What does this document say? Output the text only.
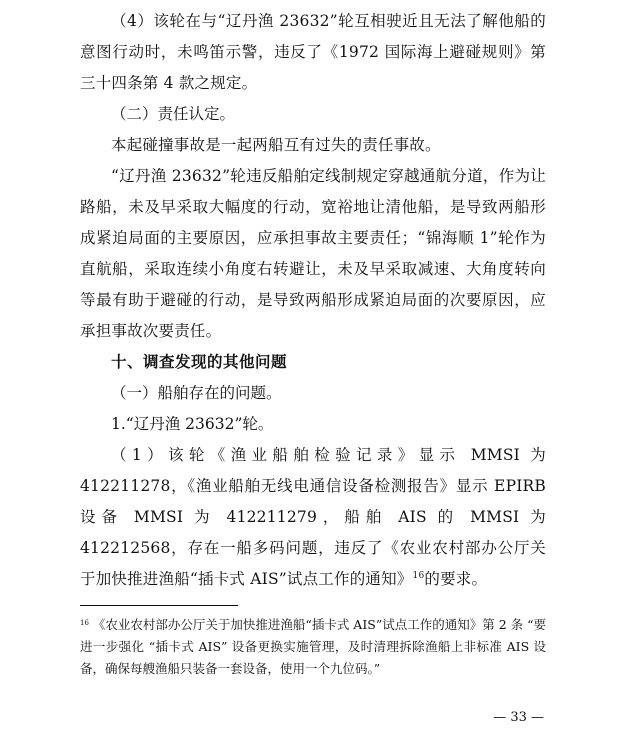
（4）该轮在与“辽丹渔 23632”轮互相驶近且无法了解他船的意图行动时，未鸣笛示警，违反了《1972 国际海上避碰规则》第三十四条第 4 款之规定。

（二）责任认定。

本起碰撞事故是一起两船互有过失的责任事故。

“辽丹渔 23632”轮违反船舶定线制规定穿越通航分道，作为让路船，未及早采取大幅度的行动，宽裕地让清他船，是导致两船形成紧迫局面的主要原因，应承担事故主要责任；“锦海顺 1”轮作为直航船，采取连续小角度右转避让，未及早采取减速、大角度转向等最有助于避碰的行动，是导致两船形成紧迫局面的次要原因，应承担事故次要责任。

十、调查发现的其他问题

（一）船舶存在的问题。

1.“辽丹渔 23632”轮。

（1）该轮《渔业船舶检验记录》显示 MMSI 为 412211278，《渔业船舶无线电通信设备检测报告》显示 EPIRB 设备 MMSI 为 412211279，船舶 AIS 的 MMSI 为 412212568，存在一船多码问题，违反了《农业农村部办公厅关于加快推进渔船“插卡式 AIS”试点工作的通知》$^{16}$的要求。

$^{16}$ 《农业农村部办公厅关于加快推进渔船“插卡式 AIS”试点工作的通知》第 2 条 “要进一步强化 “插卡式 AIS” 设备更换实施管理，及时清理拆除渔船上非标准 AIS 设备，确保每艘渔船只装备一套设备，使用一个九位码。”

— 33 —
